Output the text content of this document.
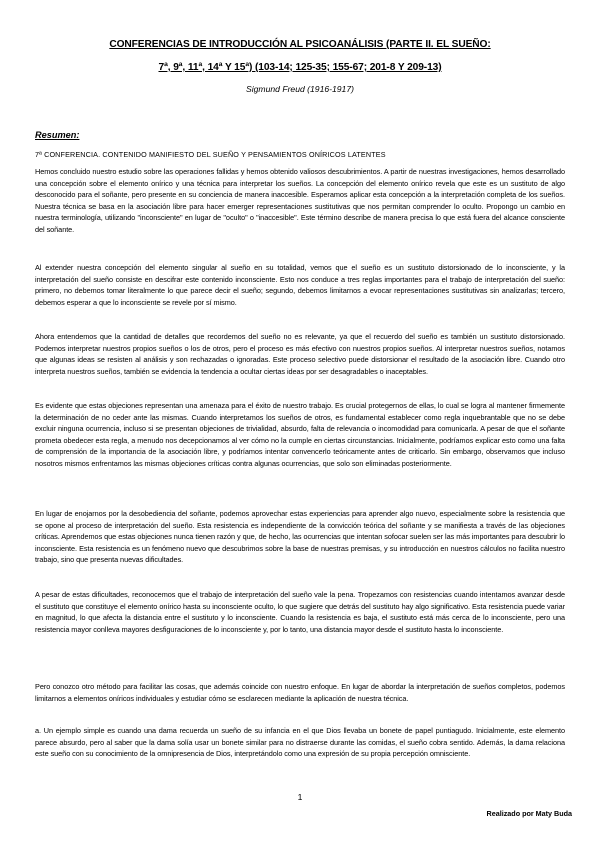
CONFERENCIAS DE INTRODUCCIÓN AL PSICOANÁLISIS (PARTE II. EL SUEÑO:
7ª, 9ª, 11ª, 14ª Y 15ª) (103-14; 125-35; 155-67; 201-8 Y 209-13)
Sigmund Freud (1916-1917)
Resumen:
7ª CONFERENCIA. CONTENIDO MANIFIESTO DEL SUEÑO Y PENSAMIENTOS ONÍRICOS LATENTES

Hemos concluido nuestro estudio sobre las operaciones fallidas y hemos obtenido valiosos descubrimientos. A partir de nuestras investigaciones, hemos desarrollado una concepción sobre el elemento onírico y una técnica para interpretar los sueños. La concepción del elemento onírico revela que este es un sustituto de algo desconocido para el soñante, pero presente en su conciencia de manera inaccesible. Esperamos aplicar esta concepción a la interpretación completa de los sueños. Nuestra técnica se basa en la asociación libre para hacer emerger representaciones sustitutivas que nos permitan comprender lo oculto. Propongo un cambio en nuestra terminología, utilizando "inconsciente" en lugar de "oculto" o "inaccesible". Este término describe de manera precisa lo que está fuera del alcance consciente del soñante.

Al extender nuestra concepción del elemento singular al sueño en su totalidad, vemos que el sueño es un sustituto distorsionado de lo inconsciente, y la interpretación del sueño consiste en descifrar este contenido inconsciente. Esto nos conduce a tres reglas importantes para el trabajo de interpretación del sueño: primero, no debemos tomar literalmente lo que parece decir el sueño; segundo, debemos limitarnos a evocar representaciones sustitutivas sin analizarlas; tercero, debemos esperar a que lo inconsciente se revele por sí mismo.

Ahora entendemos que la cantidad de detalles que recordemos del sueño no es relevante, ya que el recuerdo del sueño es también un sustituto distorsionado. Podemos interpretar nuestros propios sueños o los de otros, pero el proceso es más efectivo con nuestros propios sueños. Al interpretar nuestros sueños, notamos que algunas ideas se resisten al análisis y son rechazadas o ignoradas. Este proceso selectivo puede distorsionar el resultado de la asociación libre. Cuando otro interpreta nuestros sueños, también se evidencia la tendencia a ocultar ciertas ideas por ser desagradables o inaceptables.

Es evidente que estas objeciones representan una amenaza para el éxito de nuestro trabajo. Es crucial protegernos de ellas, lo cual se logra al mantener firmemente la determinación de no ceder ante las mismas. Cuando interpretamos los sueños de otros, es fundamental establecer como regla inquebrantable que no se debe excluir ninguna ocurrencia, incluso si se presentan objeciones de trivialidad, absurdo, falta de relevancia o incomodidad para comunicarla. A pesar de que el soñante prometa obedecer esta regla, a menudo nos decepcionamos al ver cómo no la cumple en ciertas circunstancias. Inicialmente, podríamos explicar esto como una falta de comprensión de la importancia de la asociación libre, y podríamos intentar convencerlo teóricamente antes de criticarlo. Sin embargo, observamos que incluso nosotros mismos enfrentamos las mismas objeciones críticas contra algunas ocurrencias, que solo son eliminadas posteriormente.

En lugar de enojarnos por la desobediencia del soñante, podemos aprovechar estas experiencias para aprender algo nuevo, especialmente sobre la resistencia que se opone al proceso de interpretación del sueño. Esta resistencia es independiente de la convicción teórica del soñante y se manifiesta a través de las objeciones críticas. Aprendemos que estas objeciones nunca tienen razón y que, de hecho, las ocurrencias que intentan sofocar suelen ser las más importantes para descubrir lo inconsciente. Esta resistencia es un fenómeno nuevo que descubrimos sobre la base de nuestras premisas, y su introducción en nuestros cálculos no facilita nuestro trabajo, sino que presenta nuevas dificultades.

A pesar de estas dificultades, reconocemos que el trabajo de interpretación del sueño vale la pena. Tropezamos con resistencias cuando intentamos avanzar desde el sustituto que constituye el elemento onírico hasta su inconsciente oculto, lo que sugiere que detrás del sustituto hay algo significativo. Esta resistencia puede variar en magnitud, lo que afecta la distancia entre el sustituto y lo inconsciente. Cuando la resistencia es baja, el sustituto está más cerca de lo inconsciente, pero una resistencia mayor conlleva mayores desfiguraciones de lo inconsciente y, por lo tanto, una distancia mayor desde el sustituto hasta lo inconsciente.

Pero conozco otro método para facilitar las cosas, que además coincide con nuestro enfoque. En lugar de abordar la interpretación de sueños completos, podemos limitarnos a elementos oníricos individuales y estudiar cómo se esclarecen mediante la aplicación de nuestra técnica.

a. Un ejemplo simple es cuando una dama recuerda un sueño de su infancia en el que Dios llevaba un bonete de papel puntiagudo. Inicialmente, este elemento parece absurdo, pero al saber que la dama solía usar un bonete similar para no distraerse durante las comidas, el sueño cobra sentido. Además, la dama relaciona este sueño con su conocimiento de la omnipresencia de Dios, interpretándolo como una expresión de su propia percepción omnisciente.

1
Realizado por Maty Buda
